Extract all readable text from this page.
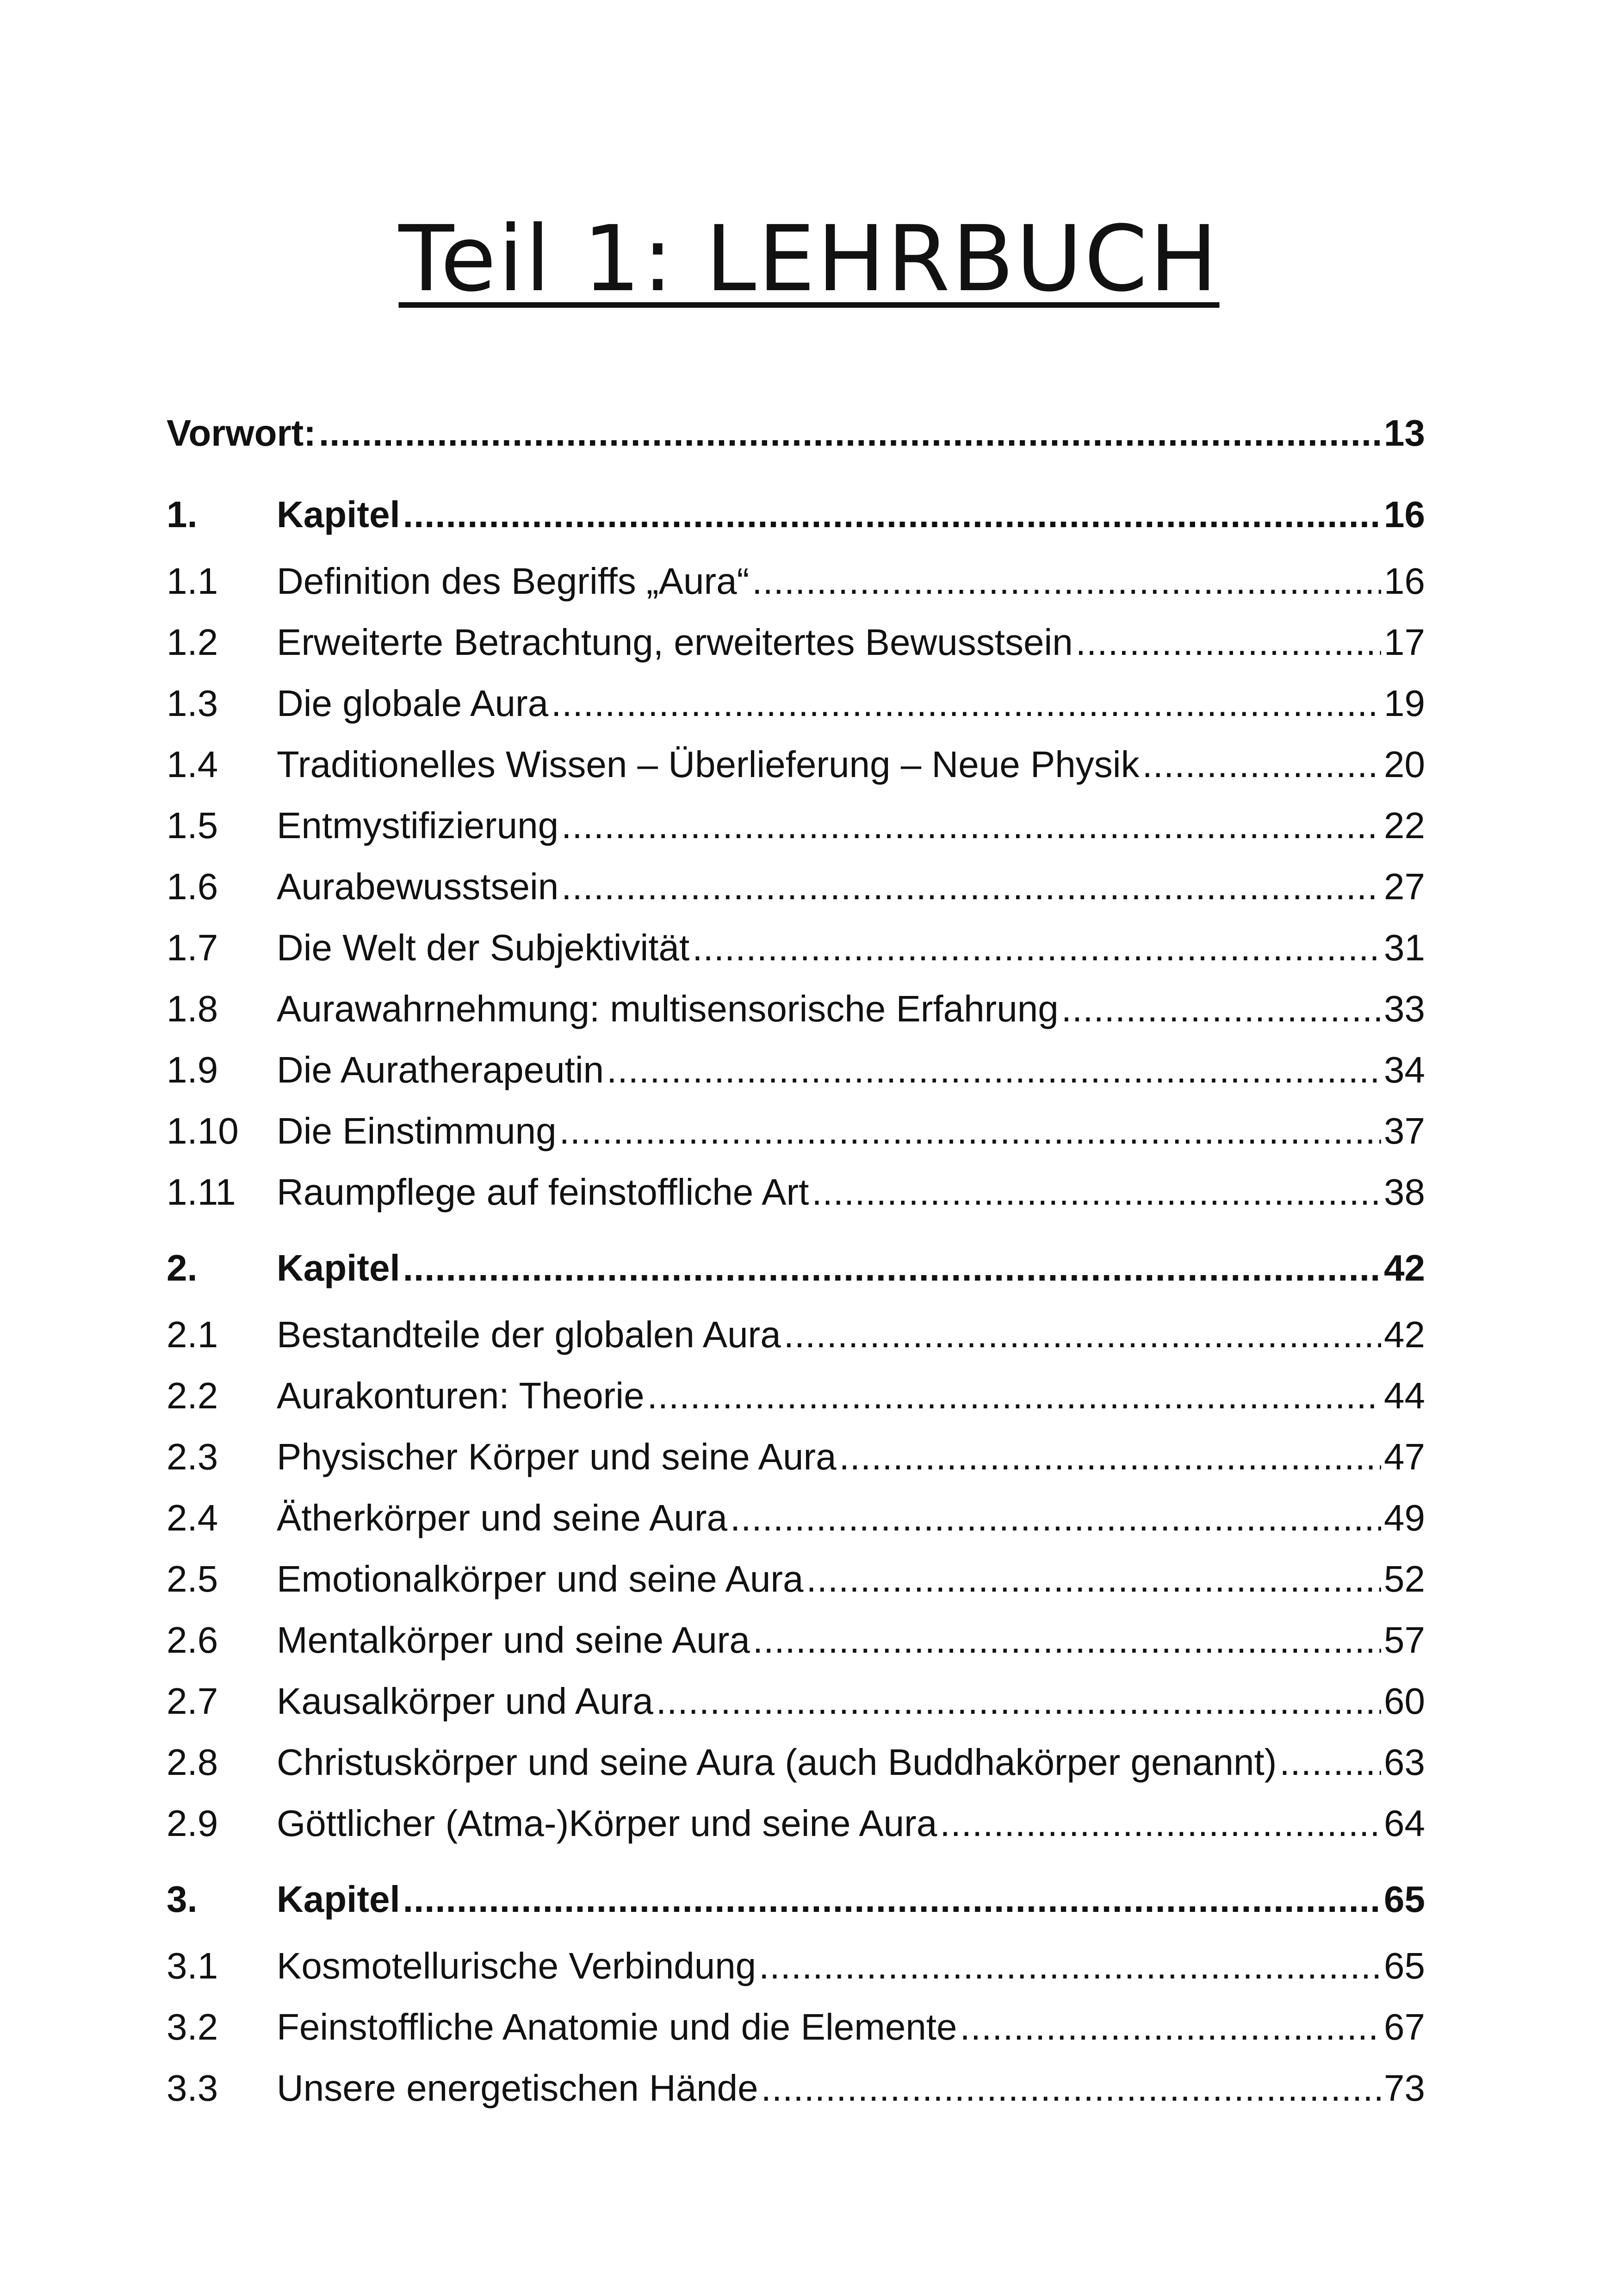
Teil 1: LEHRBUCH
Vorwort: .....	13
1.	Kapitel .....	16
1.1	Definition des Begriffs „Aura“ .....	16
1.2	Erweiterte Betrachtung, erweitertes Bewusstsein .....	17
1.3	Die globale Aura .....	19
1.4	Traditionelles Wissen – Überlieferung – Neue Physik .....	20
1.5	Entmystifizierung .....	22
1.6	Aurabewusstsein .....	27
1.7	Die Welt der Subjektivität .....	31
1.8	Aurawahrnehmung: multisensorische Erfahrung .....	33
1.9	Die Auratherapeutin .....	34
1.10	Die Einstimmung .....	37
1.11	Raumpflege auf feinstoffliche Art .....	38
2.	Kapitel .....	42
2.1	Bestandteile der globalen Aura .....	42
2.2	Aurakonturen: Theorie .....	44
2.3	Physischer Körper und seine Aura .....	47
2.4	Ätherkörper und seine Aura .....	49
2.5	Emotionalkörper und seine Aura .....	52
2.6	Mentalkörper und seine Aura .....	57
2.7	Kausalkörper und Aura .....	60
2.8	Christuskörper und seine Aura (auch Buddhakörper genannt) .....	63
2.9	Göttlicher (Atma-)Körper und seine Aura .....	64
3.	Kapitel .....	65
3.1	Kosmotellurische Verbindung .....	65
3.2	Feinstoffliche Anatomie und die Elemente .....	67
3.3	Unsere energetischen Hände .....	73
